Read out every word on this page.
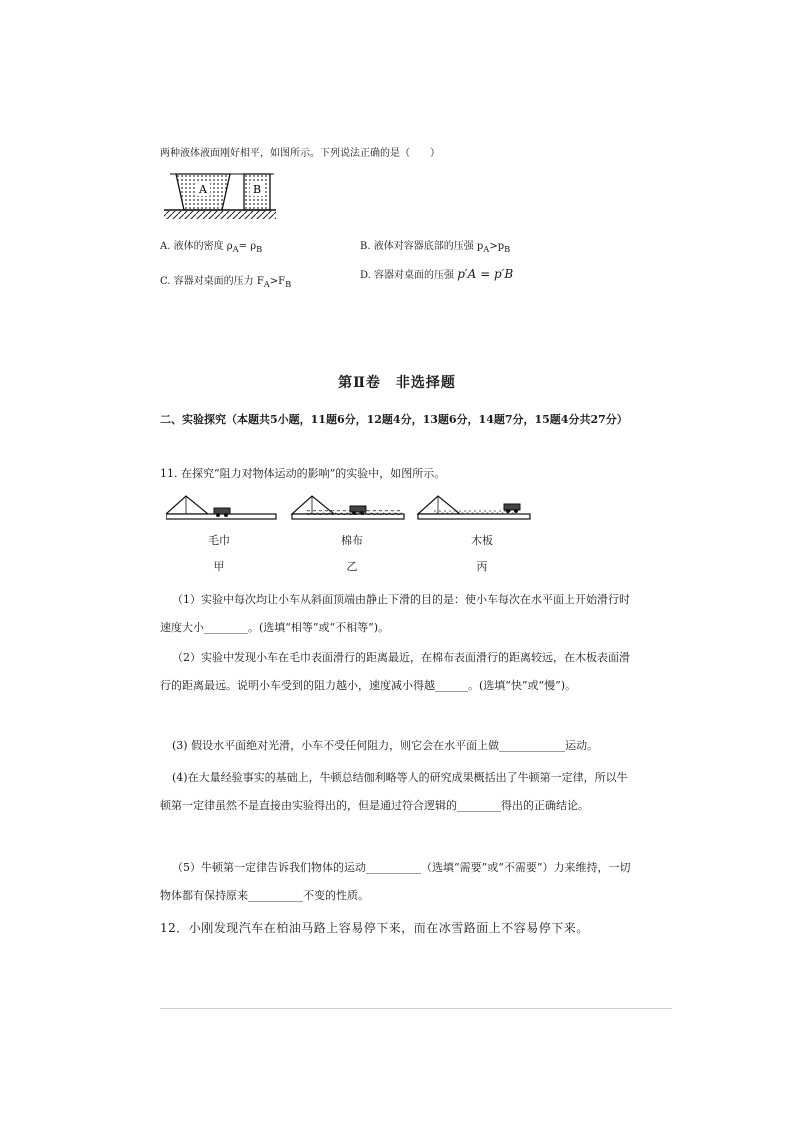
两种液体液面刚好相平，如图所示。下列说法正确的是（　　）
A	B
A. 液体的密度 $\rho_A= \rho_B$	B. 液体对容器底部的压强 $p_A>p_B$
C. 容器对桌面的压力 $F_A>F_B$
D. 容器对桌面的压强 p′A = p′B
第Ⅱ卷　非选择题
二、实验探究（本题共5小题，11题6分，12题4分，13题6分，14题7分，15题4分共27分）
11. 在探究“阻力对物体运动的影响”的实验中，如图所示。
毛巾
甲
棉布
乙
木板
丙
（1）实验中每次均让小车从斜面顶端由静止下滑的目的是：使小车每次在水平面上开始滑行时速度大小________。(选填“相等”或“不相等”)。
（2）实验中发现小车在毛巾表面滑行的距离最近，在棉布表面滑行的距离较远，在木板表面滑行的距离最远。说明小车受到的阻力越小，速度减小得越______。(选填“快”或“慢”)。
(3) 假设水平面绝对光滑，小车不受任何阻力，则它会在水平面上做____________运动。
(4)在大量经验事实的基础上，牛顿总结伽利略等人的研究成果概括出了牛顿第一定律，所以牛顿第一定律虽然不是直接由实验得出的，但是通过符合逻辑的________得出的正确结论。
（5）牛顿第一定律告诉我们物体的运动__________（选填“需要”或“不需要”）力来维持，一切物体都有保持原来__________不变的性质。
12．小刚发现汽车在柏油马路上容易停下来，而在冰雪路面上不容易停下来。
